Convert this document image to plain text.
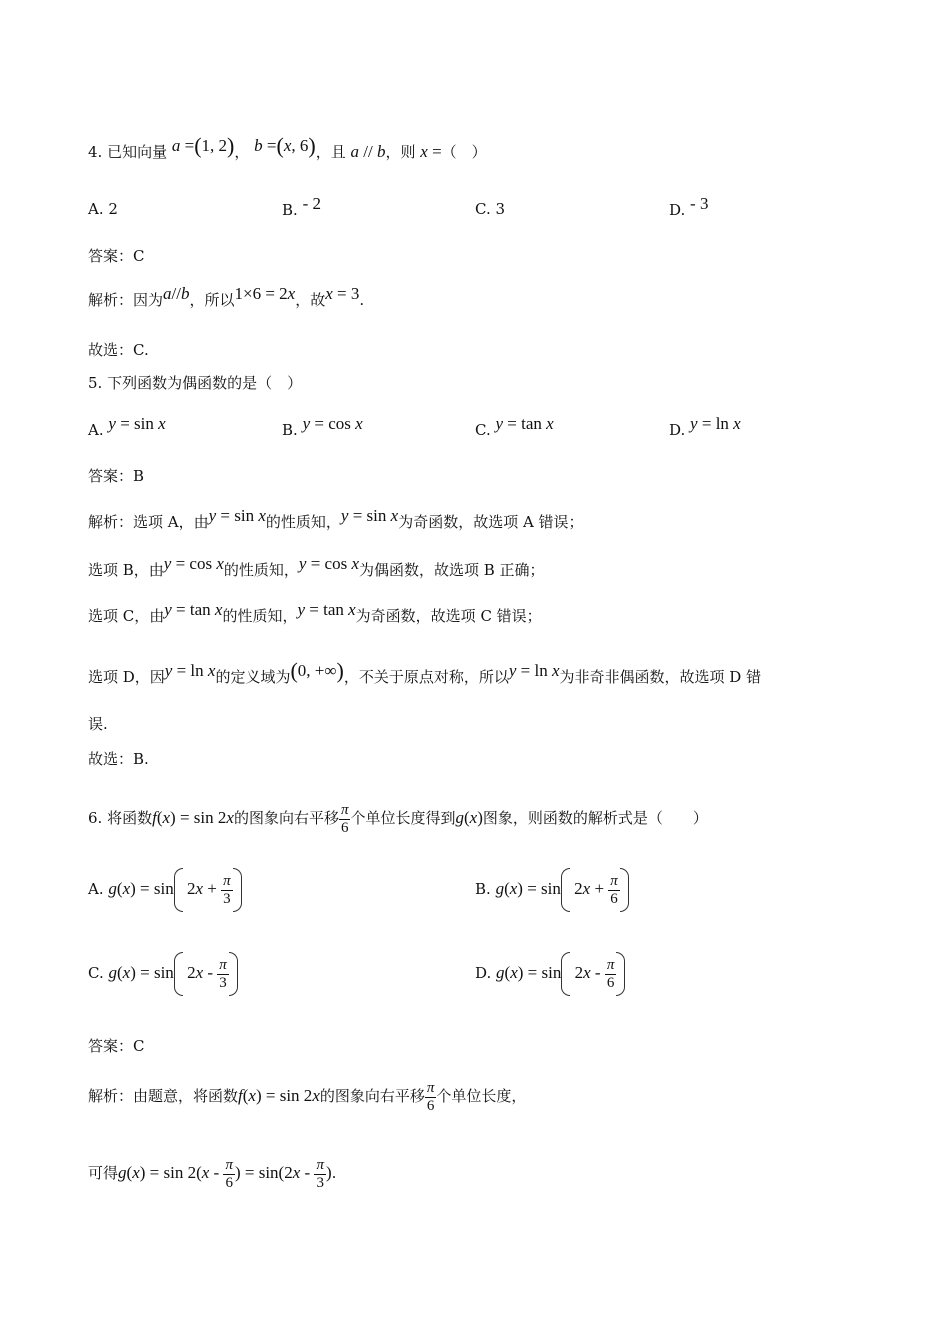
4. 已知向量 a =(1, 2)， b =(x, 6)，且 a // b，则 x =（　）
A. 2	B. - 2	C. 3	D. - 3
答案：C
解析：因为a//b，所以1×6 = 2x，故x = 3.
故选：C.
5. 下列函数为偶函数的是（　）
A. y = sin x	B. y = cos x	C. y = tan x	D. y = ln x
答案：B
解析：选项 A，由y = sin x的性质知，y = sin x为奇函数，故选项 A 错误；
选项 B，由y = cos x的性质知，y = cos x为偶函数，故选项 B 正确；
选项 C，由y = tan x的性质知，y = tan x为奇函数，故选项 C 错误；
选项 D，因y = ln x的定义域为(0, +∞)，不关于原点对称，所以y = ln x为非奇非偶函数，故选项 D 错
误.
故选：B.
6. 将函数f(x) = sin 2x的图象向右平移 $\frac{\pi}{6}$ 个单位长度得到g(x)图象，则函数的解析式是（　　）
A. $g(x) = \sin 2x + \frac{\pi}{3}$	B. $g(x) = \sin 2x + \frac{\pi}{6}$
C. $g(x) = \sin 2x - \frac{\pi}{3}$	D. $g(x) = \sin 2x - \frac{\pi}{6}$
答案：C
解析：由题意，将函数f(x) = sin 2x的图象向右平移 $\frac{\pi}{6}$ 个单位长度，
可得$g(x) = \sin 2(x - \frac{\pi}{6}$ ) = $\sin(2x - \frac{\pi}{3}$ ).
